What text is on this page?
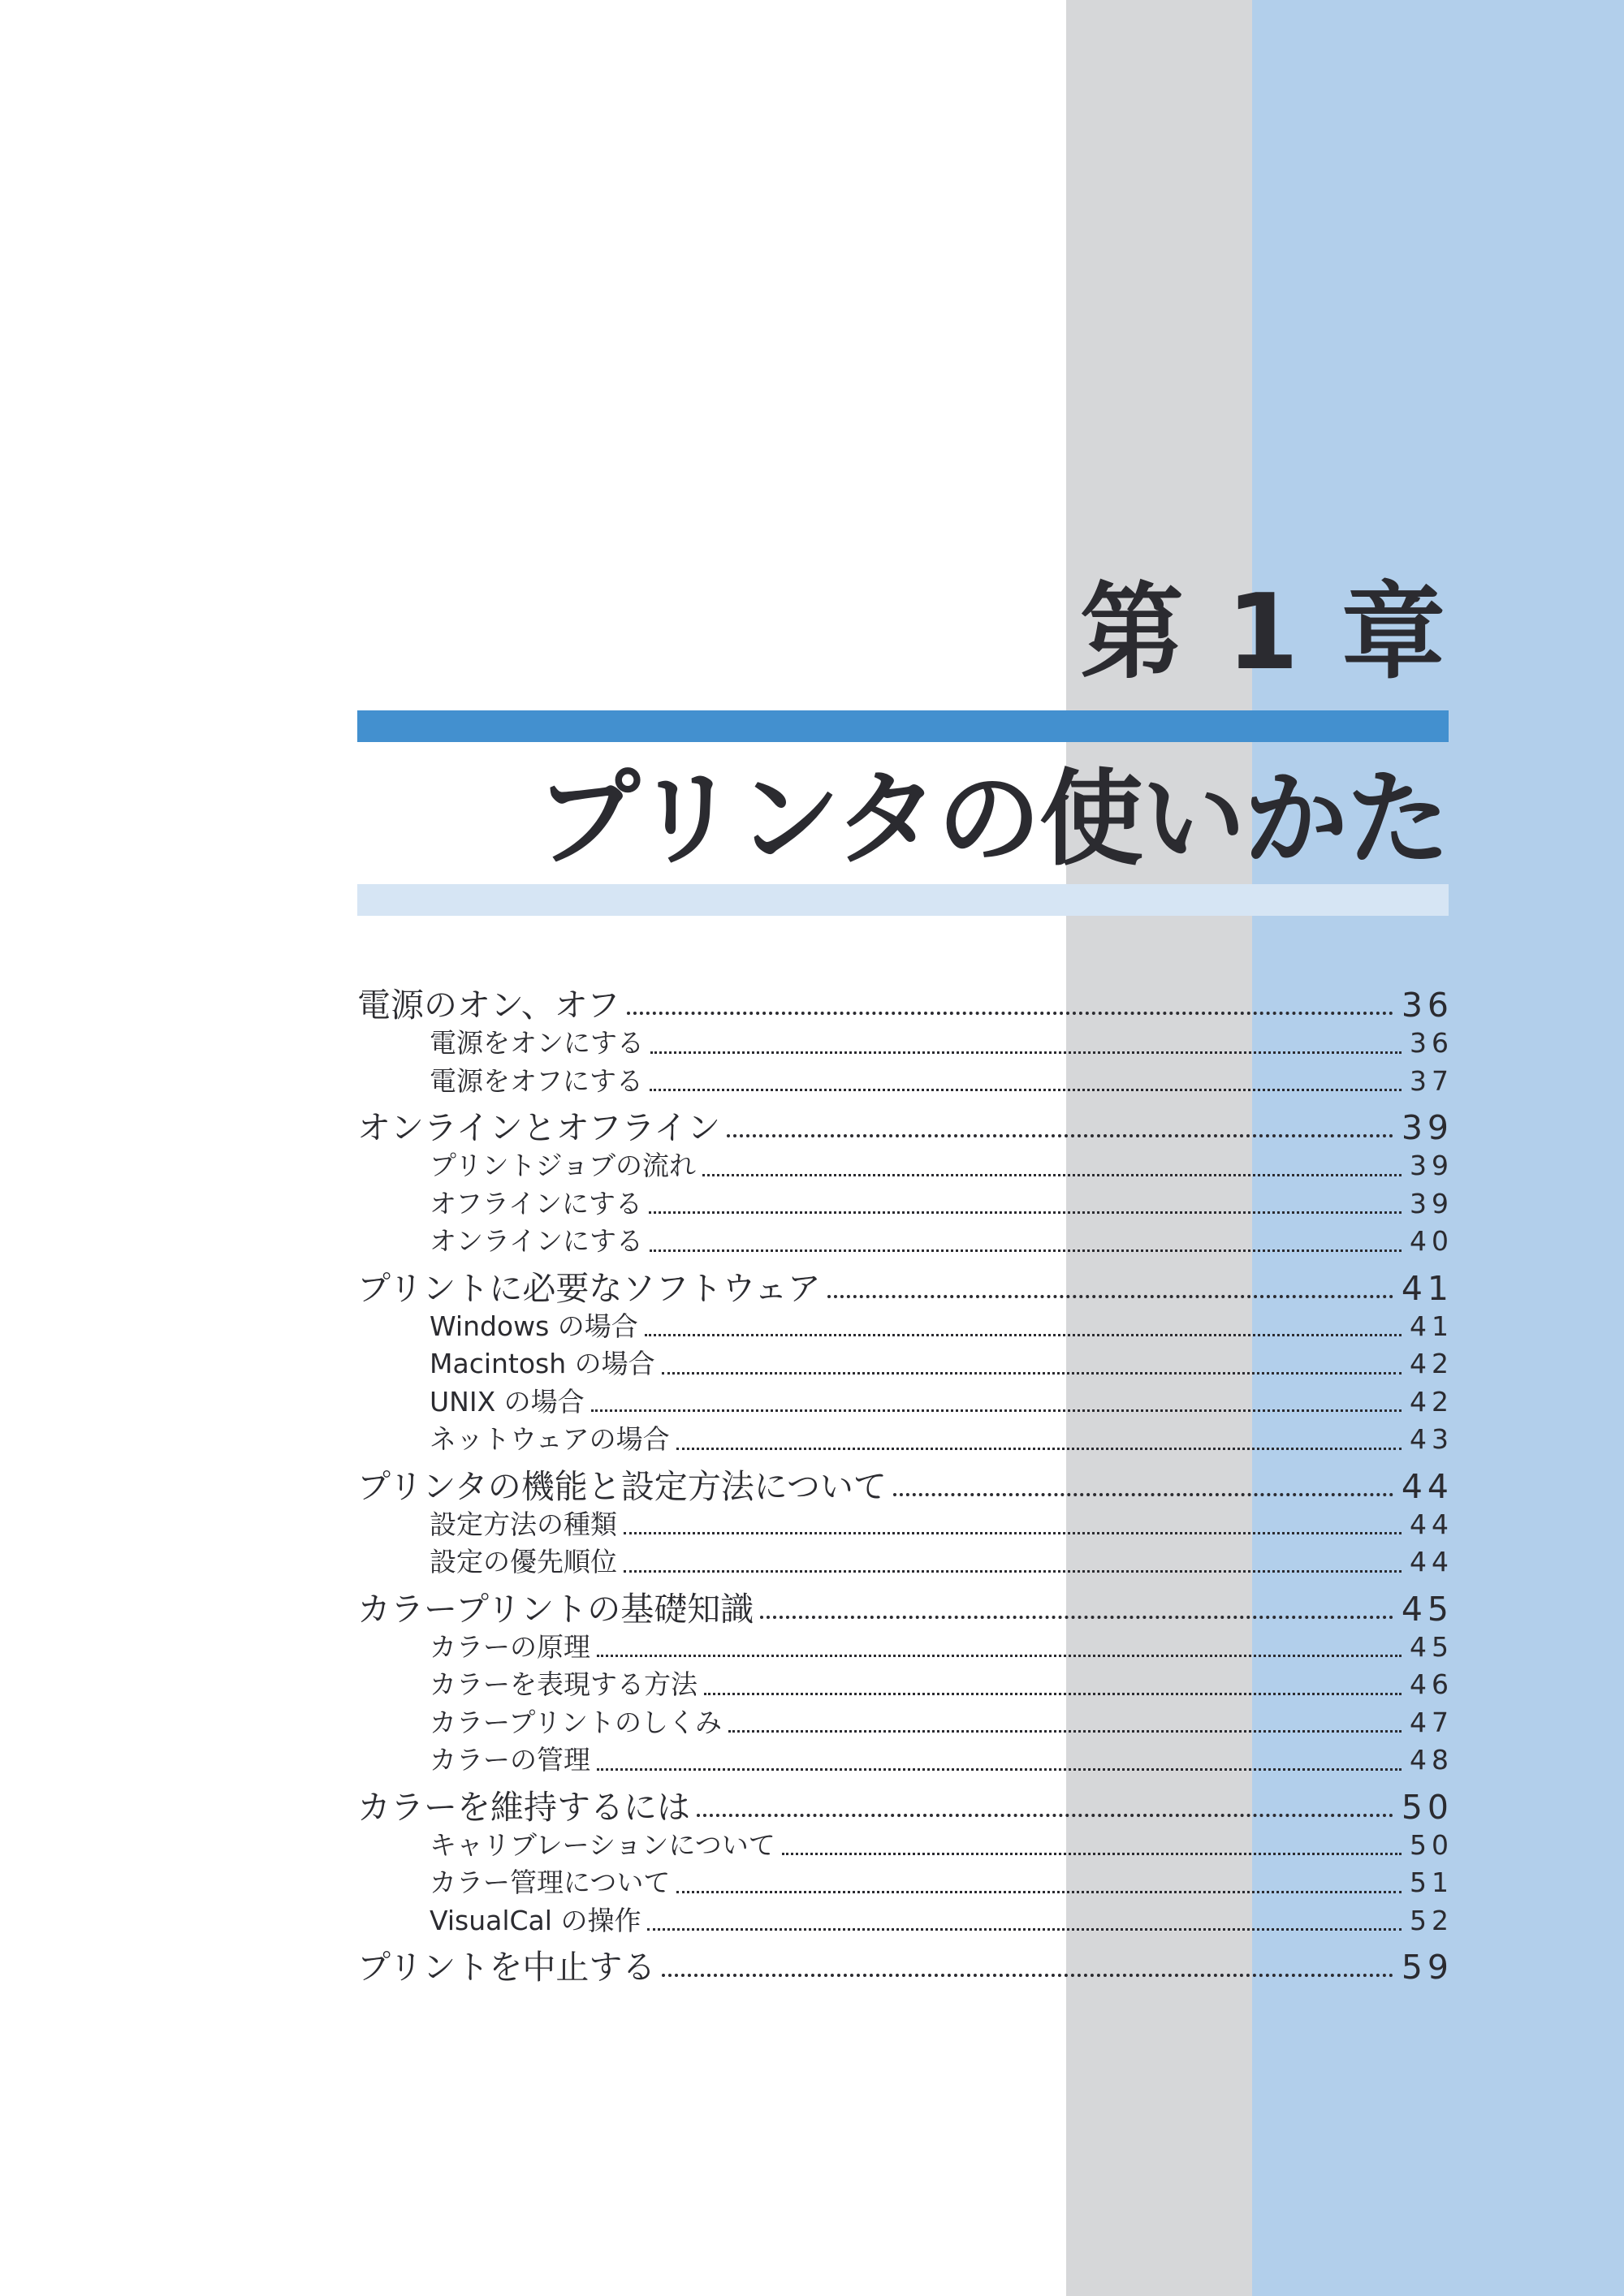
第 1 章
プリンタの使いかた
電源のオン、オフ	36
電源をオンにする	36
電源をオフにする	37
オンラインとオフライン	39
プリントジョブの流れ	39
オフラインにする	39
オンラインにする	40
プリントに必要なソフトウェア	41
Windows の場合	41
Macintosh の場合	42
UNIX の場合	42
ネットウェアの場合	43
プリンタの機能と設定方法について	44
設定方法の種類	44
設定の優先順位	44
カラープリントの基礎知識	45
カラーの原理	45
カラーを表現する方法	46
カラープリントのしくみ	47
カラーの管理	48
カラーを維持するには	50
キャリブレーションについて	50
カラー管理について	51
VisualCal の操作	52
プリントを中止する	59
